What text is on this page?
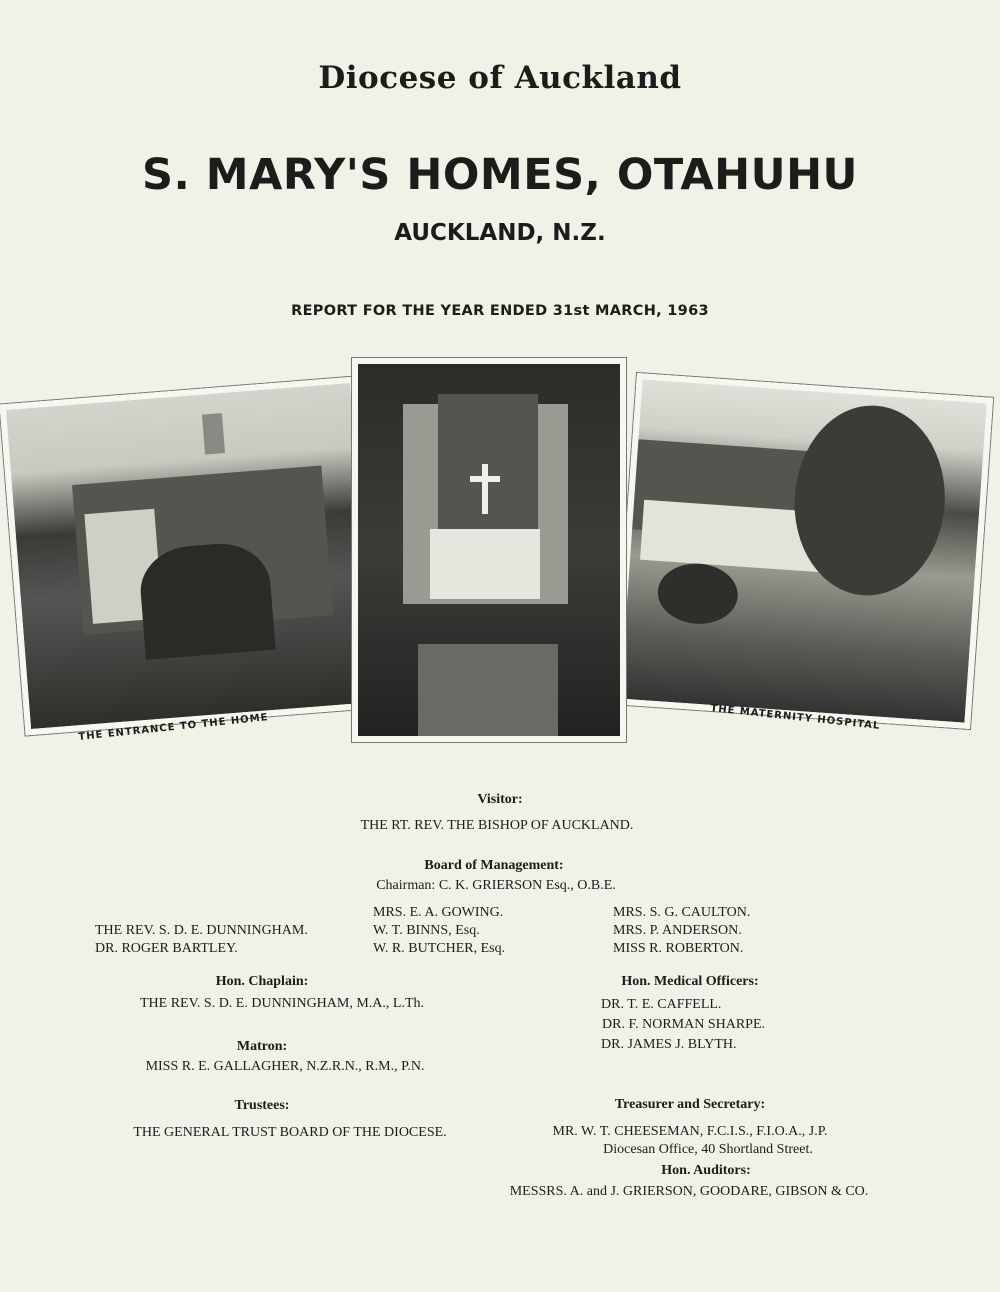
Diocese of Auckland
S. MARY'S HOMES, OTAHUHU
AUCKLAND, N.Z.
REPORT FOR THE YEAR ENDED 31st MARCH, 1963
THE ENTRANCE TO THE HOME	THE MATERNITY HOSPITAL
Visitor:
THE RT. REV. THE BISHOP OF AUCKLAND.
Board of Management:
Chairman: C. K. GRIERSON Esq., O.B.E.
THE REV. S. D. E. DUNNINGHAM.
DR. ROGER BARTLEY.
MRS. E. A. GOWING.
W. T. BINNS, Esq.
W. R. BUTCHER, Esq.
MRS. S. G. CAULTON.
MRS. P. ANDERSON.
MISS R. ROBERTON.
Hon. Chaplain:
THE REV. S. D. E. DUNNINGHAM, M.A., L.Th.
Hon. Medical Officers:
DR. T. E. CAFFELL.
DR. F. NORMAN SHARPE.
DR. JAMES J. BLYTH.
Matron:
MISS R. E. GALLAGHER, N.Z.R.N., R.M., P.N.
Trustees:
THE GENERAL TRUST BOARD OF THE DIOCESE.
Treasurer and Secretary:
MR. W. T. CHEESEMAN, F.C.I.S., F.I.O.A., J.P.
Diocesan Office, 40 Shortland Street.
Hon. Auditors:
MESSRS. A. and J. GRIERSON, GOODARE, GIBSON & CO.
